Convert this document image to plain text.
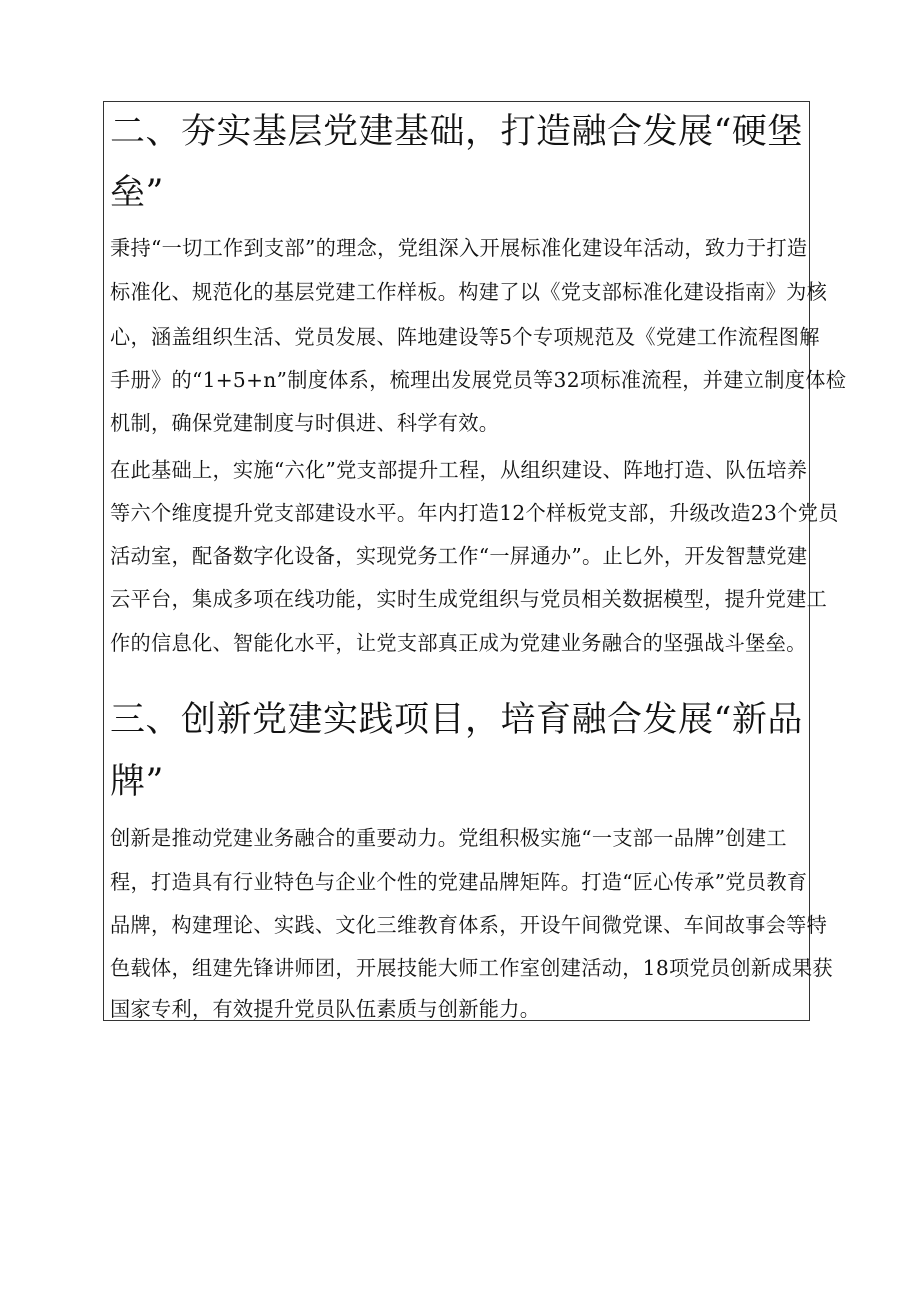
二、夯实基层党建基础，打造融合发展“硬堡
垒”
秉持“一切工作到支部”的理念，党组深入开展标准化建设年活动，致力于打造
标准化、规范化的基层党建工作样板。构建了以《党支部标准化建设指南》为核
心，涵盖组织生活、党员发展、阵地建设等5个专项规范及《党建工作流程图解
手册》的“1+5+n”制度体系，梳理出发展党员等32项标准流程，并建立制度体检
机制，确保党建制度与时俱进、科学有效。
在此基础上，实施“六化”党支部提升工程，从组织建设、阵地打造、队伍培养
等六个维度提升党支部建设水平。年内打造12个样板党支部，升级改造23个党员
活动室，配备数字化设备，实现党务工作“一屏通办”。止匕外，开发智慧党建
云平台，集成多项在线功能，实时生成党组织与党员相关数据模型，提升党建工
作的信息化、智能化水平，让党支部真正成为党建业务融合的坚强战斗堡垒。
三、创新党建实践项目，培育融合发展“新品
牌”
创新是推动党建业务融合的重要动力。党组积极实施“一支部一品牌”创建工
程，打造具有行业特色与企业个性的党建品牌矩阵。打造“匠心传承”党员教育
品牌，构建理论、实践、文化三维教育体系，开设午间微党课、车间故事会等特
色载体，组建先锋讲师团，开展技能大师工作室创建活动，18项党员创新成果获
国家专利，有效提升党员队伍素质与创新能力。
